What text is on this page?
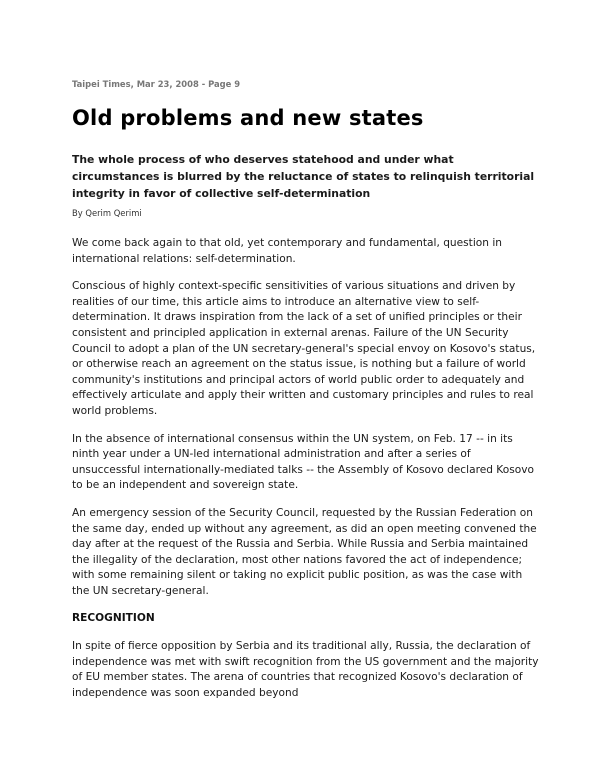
Taipei Times, Mar 23, 2008 - Page 9
Old problems and new states

The whole process of who deserves statehood and under what circumstances is blurred by the reluctance of states to relinquish territorial integrity in favor of collective self-determination

By Qerim Qerimi

We come back again to that old, yet contemporary and fundamental, question in international relations: self-determination.

Conscious of highly context-specific sensitivities of various situations and driven by realities of our time, this article aims to introduce an alternative view to self-determination. It draws inspiration from the lack of a set of unified principles or their consistent and principled application in external arenas. Failure of the UN Security Council to adopt a plan of the UN secretary-general's special envoy on Kosovo's status, or otherwise reach an agreement on the status issue, is nothing but a failure of world community's institutions and principal actors of world public order to adequately and effectively articulate and apply their written and customary principles and rules to real world problems.

In the absence of international consensus within the UN system, on Feb. 17 -- in its ninth year under a UN-led international administration and after a series of unsuccessful internationally-mediated talks -- the Assembly of Kosovo declared Kosovo to be an independent and sovereign state.

An emergency session of the Security Council, requested by the Russian Federation on the same day, ended up without any agreement, as did an open meeting convened the day after at the request of the Russia and Serbia. While Russia and Serbia maintained the illegality of the declaration, most other nations favored the act of independence; with some remaining silent or taking no explicit public position, as was the case with the UN secretary-general.

RECOGNITION

In spite of fierce opposition by Serbia and its traditional ally, Russia, the declaration of independence was met with swift recognition from the US government and the majority of EU member states. The arena of countries that recognized Kosovo's declaration of independence was soon expanded beyond
